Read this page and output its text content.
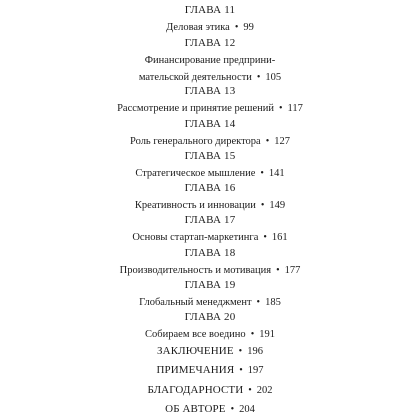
ГЛАВА 11
Деловая этика • 99
ГЛАВА 12
Финансирование предприни-
мательской деятельности • 105
ГЛАВА 13
Рассмотрение и принятие решений • 117
ГЛАВА 14
Роль генерального директора • 127
ГЛАВА 15
Стратегическое мышление • 141
ГЛАВА 16
Креативность и инновации • 149
ГЛАВА 17
Основы стартап-маркетинга • 161
ГЛАВА 18
Производительность и мотивация • 177
ГЛАВА 19
Глобальный менеджмент • 185
ГЛАВА 20
Собираем все воедино • 191
ЗАКЛЮЧЕНИЕ • 196
ПРИМЕЧАНИЯ • 197
БЛАГОДАРНОСТИ • 202
ОБ АВТОРЕ • 204
